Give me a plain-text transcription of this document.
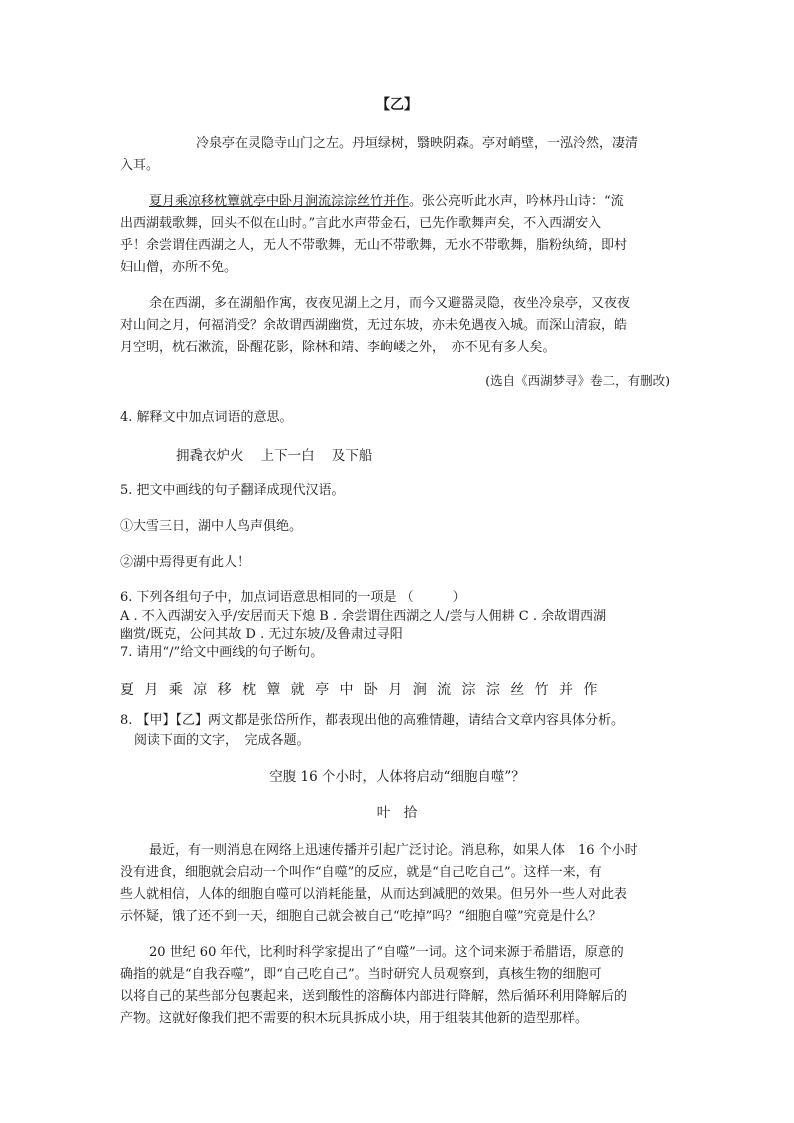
【乙】
冷泉亭在灵隐寺山门之左。丹垣绿树，翳映阴森。亭对峭壁，一泓泠然，凄清
入耳。
夏月乘凉移枕簟就亭中卧月涧流淙淙丝竹并作。张公亮听此水声，吟林丹山诗：“流
出西湖载歌舞，回头不似在山时。”言此水声带金石，已先作歌舞声矣，不入西湖安入
乎！余尝谓住西湖之人，无人不带歌舞，无山不带歌舞，无水不带歌舞，脂粉纨绮，即村
妇山僧，亦所不免。
余在西湖，多在湖船作寓，夜夜见湖上之月，而今又避嚣灵隐，夜坐冷泉亭，又夜夜
对山间之月，何福消受？余故谓西湖幽赏，无过东坡，亦未免遇夜入城。而深山清寂，皓
月空明，枕石漱流，卧醒花影，除林和靖、李岣嵝之外，　亦不见有多人矣。
(选自《西湖梦寻》卷二，有删改)
4. 解释文中加点词语的意思。
拥毳衣炉火 上下一白 及下船
5. 把文中画线的句子翻译成现代汉语。
①大雪三日，湖中人鸟声俱绝。
②湖中焉得更有此人！
6. 下列各组句子中，加点词语意思相同的一项是 （　　　）
A . 不入西湖安入乎/安居而天下熄 B . 余尝谓住西湖之人/尝与人佣耕 C . 余故谓西湖
幽赏/既克，公问其故 D . 无过东坡/及鲁肃过寻阳
7. 请用“/”给文中画线的句子断句。
夏 月 乘 凉 移 枕 簟 就 亭 中 卧 月 涧 流 淙 淙 丝 竹 并 作
8. 【甲】【乙】两文都是张岱所作，都表现出他的高雅情趣，请结合文章内容具体分析。
阅读下面的文字，　完成各题。
空腹 16 个小时，人体将启动“细胞自噬”？
叶　拾
最近，有一则消息在网络上迅速传播并引起广泛讨论。消息称，如果人体　16 个小时
没有进食，细胞就会启动一个叫作“自噬”的反应，就是“自己吃自己”。这样一来，有
些人就相信，人体的细胞自噬可以消耗能量，从而达到减肥的效果。但另外一些人对此表
示怀疑，饿了还不到一天，细胞自己就会被自己“吃掉”吗？“细胞自噬”究竟是什么？
20 世纪 60 年代，比利时科学家提出了“自噬”一词。这个词来源于希腊语，原意的
确指的就是“自我吞噬”，即“自己吃自己”。当时研究人员观察到，真核生物的细胞可
以将自己的某些部分包裹起来，送到酸性的溶酶体内部进行降解，然后循环利用降解后的
产物。这就好像我们把不需要的积木玩具拆成小块，用于组装其他新的造型那样。
